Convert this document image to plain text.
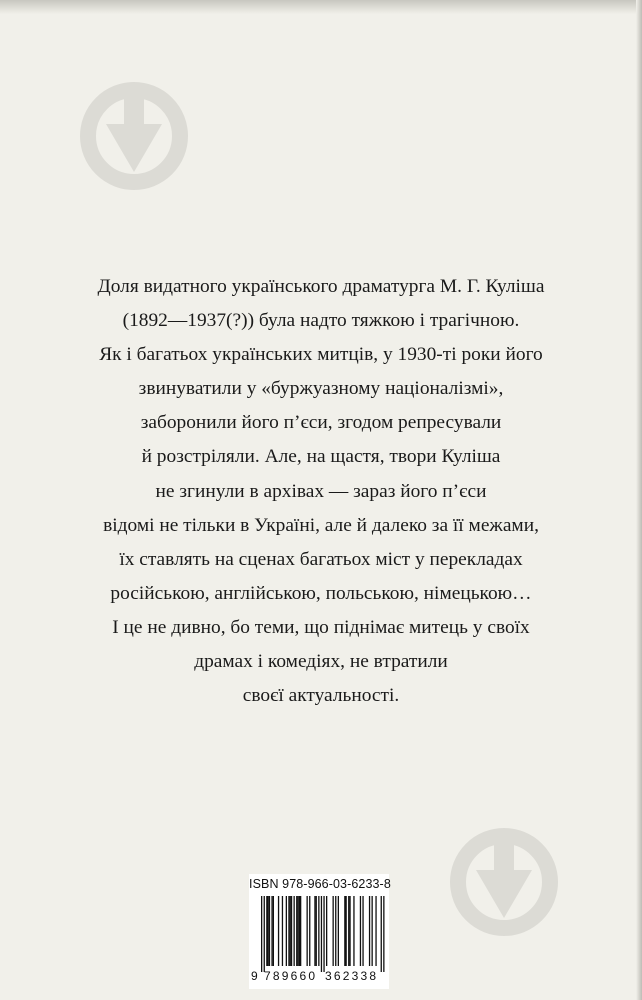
Доля видатного українського драматурга М. Г. Куліша
(1892—1937(?)) була надто тяжкою і трагічною.
Як і багатьох українських митців, у 1930-ті роки його
звинуватили у «буржуазному націоналізмі»,
заборонили його п’єси, згодом репресували
й розстріляли. Але, на щастя, твори Куліша
не згинули в архівах — зараз його п’єси
відомі не тільки в Україні, але й далеко за її межами,
їх ставлять на сценах багатьох міст у перекладах
російською, англійською, польською, німецькою…
І це не дивно, бо теми, що піднімає митець у своїх
драмах і комедіях, не втратили
своєї актуальності.
ISBN 978-966-03-6233-8
9 789660 362338
